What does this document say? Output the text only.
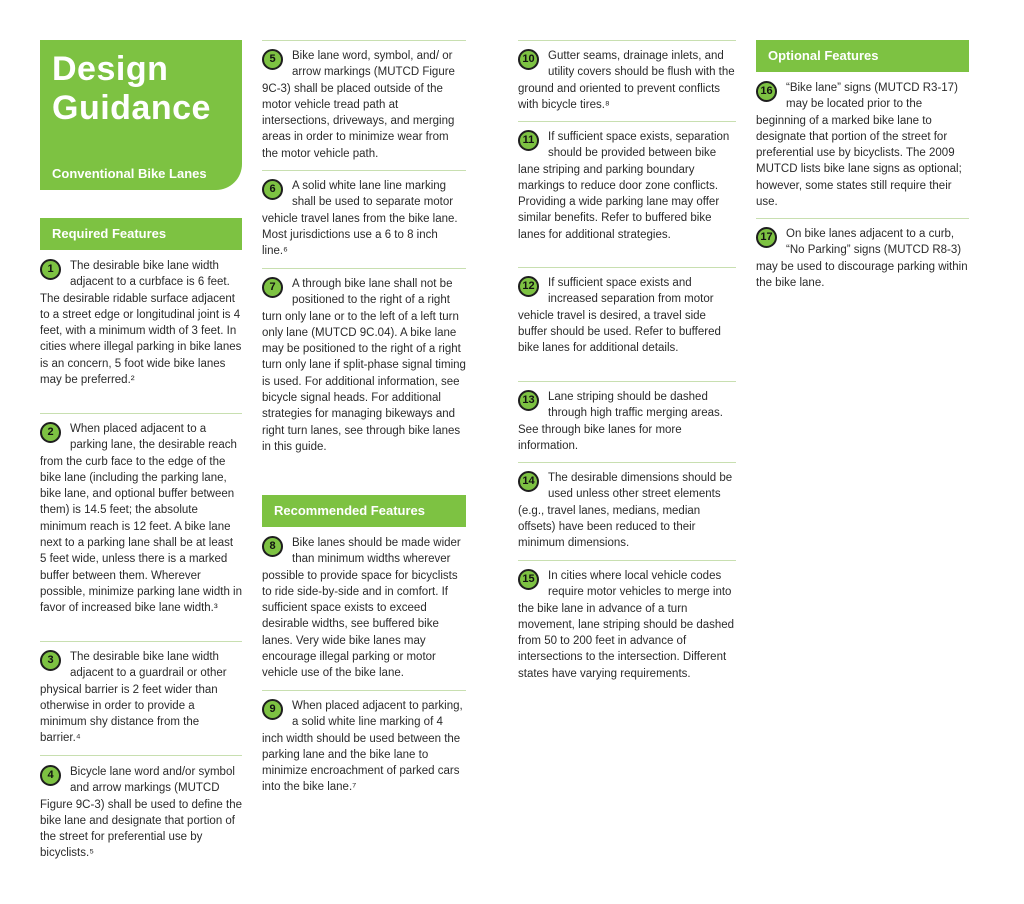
Design
Guidance
Conventional Bike Lanes
Required Features
1	The desirable bike lane width adjacent to a curbface is 6 feet. The desirable ridable surface adjacent to a street edge or longitudinal joint is 4 feet, with a minimum width of 3 feet. In cities where illegal parking in bike lanes is an concern, 5 foot wide bike lanes may be preferred.²
2	When placed adjacent to a parking lane, the desirable reach from the curb face to the edge of the bike lane (including the parking lane, bike lane, and optional buffer between them) is 14.5 feet; the absolute minimum reach is 12 feet. A bike lane next to a parking lane shall be at least 5 feet wide, unless there is a marked buffer between them. Wherever possible, minimize parking lane width in favor of increased bike lane width.³
3	The desirable bike lane width adjacent to a guardrail or other physical barrier is 2 feet wider than otherwise in order to provide a minimum shy distance from the barrier.⁴
4	Bicycle lane word and/or symbol and arrow markings (MUTCD Figure 9C-3) shall be used to define the bike lane and designate that portion of the street for preferential use by bicyclists.⁵
5	Bike lane word, symbol, and/ or arrow markings (MUTCD Figure 9C-3) shall be placed outside of the motor vehicle tread path at intersections, driveways, and merging areas in order to minimize wear from the motor vehicle path.
6	A solid white lane line marking shall be used to separate motor vehicle travel lanes from the bike lane. Most jurisdictions use a 6 to 8 inch line.⁶
7	A through bike lane shall not be positioned to the right of a right turn only lane or to the left of a left turn only lane (MUTCD 9C.04). A bike lane may be positioned to the right of a right turn only lane if split-phase signal timing is used. For additional information, see bicycle signal heads. For additional strategies for managing bikeways and right turn lanes, see through bike lanes in this guide.
Recommended Features
8	Bike lanes should be made wider than minimum widths wherever possible to provide space for bicyclists to ride side-by-side and in comfort. If sufficient space exists to exceed desirable widths, see buffered bike lanes. Very wide bike lanes may encourage illegal parking or motor vehicle use of the bike lane.
9	When placed adjacent to parking, a solid white line marking of 4 inch width should be used between the parking lane and the bike lane to minimize encroachment of parked cars into the bike lane.⁷
10	Gutter seams, drainage inlets, and utility covers should be flush with the ground and oriented to prevent conflicts with bicycle tires.⁸
11	If sufficient space exists, separation should be provided between bike lane striping and parking boundary markings to reduce door zone conflicts. Providing a wide parking lane may offer similar benefits. Refer to buffered bike lanes for additional strategies.
12	If sufficient space exists and increased separation from motor vehicle travel is desired, a travel side buffer should be used. Refer to buffered bike lanes for additional details.
13	Lane striping should be dashed through high traffic merging areas. See through bike lanes for more information.
14	The desirable dimensions should be used unless other street elements (e.g., travel lanes, medians, median offsets) have been reduced to their minimum dimensions.
15	In cities where local vehicle codes require motor vehicles to merge into the bike lane in advance of a turn movement, lane striping should be dashed from 50 to 200 feet in advance of intersections to the intersection. Different states have varying requirements.
Optional Features
16	“Bike lane” signs (MUTCD R3-17) may be located prior to the beginning of a marked bike lane to designate that portion of the street for preferential use by bicyclists. The 2009 MUTCD lists bike lane signs as optional; however, some states still require their use.
17	On bike lanes adjacent to a curb, “No Parking” signs (MUTCD R8-3) may be used to discourage parking within the bike lane.
